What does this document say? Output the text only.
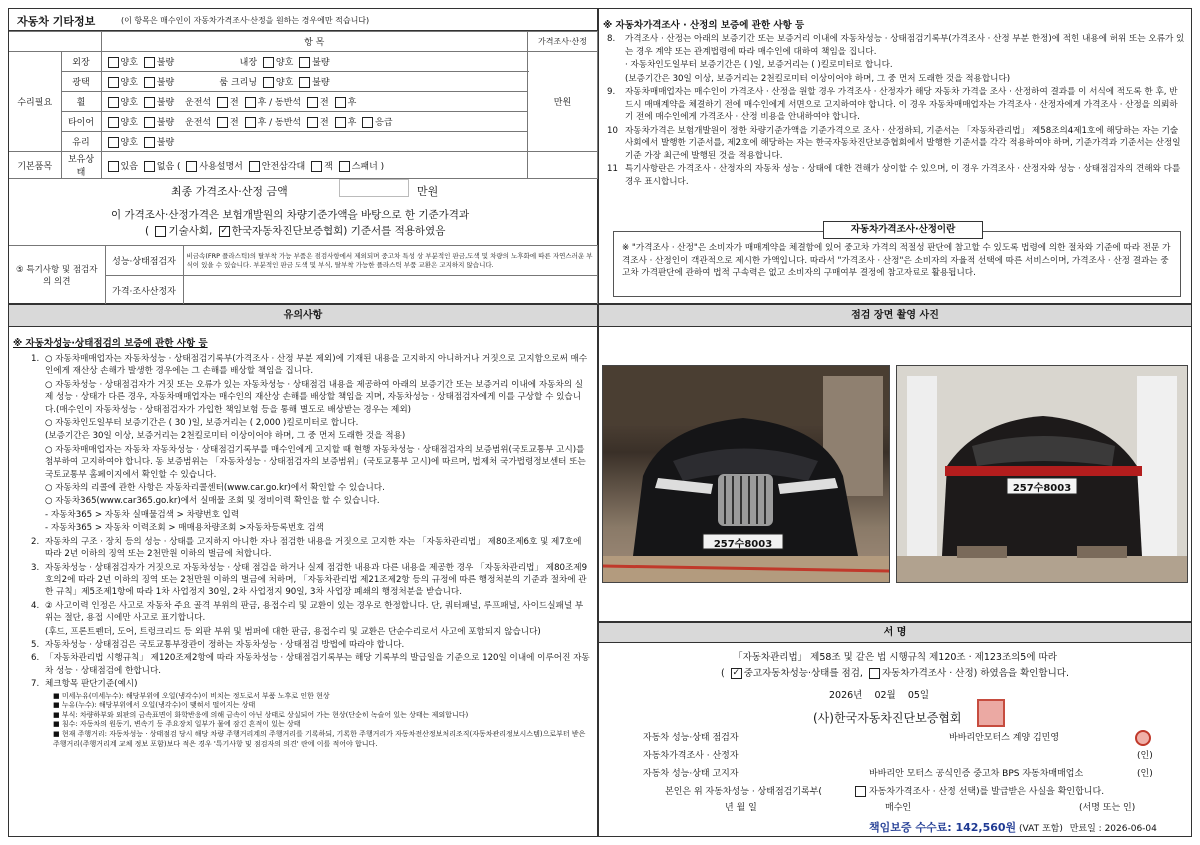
자동차 기타정보	(이 항목은 매수인이 자동차가격조사·산정을 원하는 경우에만 적습니다)
		항 목	가격조사·산정
수리필요	외장	양호 불량 내장 양호 불량	만원
	광택	양호 불량 룸 크리닝 양호 불량	
	휠	양호 불량 운전석 전 후 / 동반석 전 후	
	타이어	양호 불량 운전석 전 후 / 동반석 전 후 응급	
	유리	양호 불량	
기본품목	보유상태	있음 없음 ( 사용설명서 안전삼각대 잭 스패너 )	
최종 가격조사·산정 금액	만원
이 가격조사·산정가격은 보험개발원의 차량기준가액을 바탕으로 한 기준가격과
( 기술사회, ✓ 한국자동차진단보증협회) 기준서를 적용하였음
⑤ 특기사항 및 점검자의 의견	성능·상태점검자	비금속(FRP 플라스틱)의 탈부착 가능 부품은 점검사항에서 제외되며 중고차 특성 상 부분적인 판금,도색 및 차량의 노후화에 따른 자연스러운 부식이 있을 수 있습니다. 부분적인 판금 도색 및 부식, 탈부착 가능한 플라스틱 부품 교환은 고지하지 않습니다.
	가격·조사산정자	
※ 자동차가격조사 · 산정의 보증에 관한 사항 등
8. 가격조사 · 산정는 아래의 보증기간 또는 보증거리 이내에 자동차성능 · 상태점검기록부(가격조사 · 산정 부분 한정)에 적힌 내용에 허위 또는 오류가 있는 경우 계약 또는 관계법령에 따라 매수인에 대하여 책임을 집니다.
· 자동차인도일부터 보증기간은 ( )일, 보증거리는 ( )킬로미터로 합니다.
(보증기간은 30일 이상, 보증거리는 2천킬로미터 이상이어야 하며, 그 중 먼저 도래한 것을 적용합니다)
9. 자동차매매업자는 매수인이 가격조사 · 산정을 원할 경우 가격조사 · 산정자가 해당 자동차 가격을 조사 · 산정하여 결과를 이 서식에 적도록 한 후, 반드시 매매계약을 체결하기 전에 매수인에게 서면으로 고지하여야 합니다. 이 경우 자동차매매업자는 가격조사 · 산정자에게 가격조사 · 산정을 의뢰하기 전에 매수인에게 가격조사 · 산정 비용을 안내하여야 합니다.
10 자동차가격은 보험개발원이 정한 차량기준가액을 기준가격으로 조사 · 산정하되, 기준서는 「자동차관리법」 제58조의4제1호에 해당하는 자는 기술사회에서 발행한 기준서를, 제2호에 해당하는 자는 한국자동차진단보증협회에서 발행한 기준서를 각각 적용하여야 하며, 기준가격과 기준서는 산정일 기준 가장 최근에 발행된 것을 적용합니다.
11 특기사항란은 가격조사 · 산정자의 자동차 성능 · 상태에 대한 견해가 상이할 수 있으며, 이 경우 가격조사 · 산정자와 성능 · 상태점검자의 견해와 다를 경우 표시합니다.
자동차가격조사·산정이란
※ "가격조사 · 산정"은 소비자가 매매계약을 체결함에 있어 중고차 가격의 적절성 판단에 참고할 수 있도록 법령에 의한 절차와 기준에 따라 전문 가격조사 · 산정인이 객관적으로 제시한 가액입니다. 따라서 "가격조사 · 산정"은 소비자의 자율적 선택에 따른 서비스이며, 가격조사 · 산정 결과는 중고차 가격판단에 관하여 법적 구속력은 없고 소비자의 구매여부 결정에 참고자료로 활용됩니다.
유의사항
※ 자동차성능·상태점검의 보증에 관한 사항 등
1. ○ 자동차매매업자는 자동차성능 · 상태점검기록부(가격조사 · 산정 부분 제외)에 기재된 내용을 고지하지 아니하거나 거짓으로 고지함으로써 매수인에게 재산상 손해가 발생한 경우에는 그 손해를 배상할 책임을 집니다.
○ 자동차성능 · 상태점검자가 거짓 또는 오류가 있는 자동차성능 · 상태점검 내용을 제공하여 아래의 보증기간 또는 보증거리 이내에 자동차의 실제 성능 · 상태가 다른 경우, 자동차매매업자는 매수인의 재산상 손해를 배상할 책임을 지며, 자동차성능 · 상태점검자에게 이를 구상할 수 있습니다.(매수인이 자동차성능 · 상태점검자가 가입한 책임보험 등을 통해 별도로 배상받는 경우는 제외)
○ 자동차인도일부터 보증기간은 ( 30 )일, 보증거리는 ( 2,000 )킬로미터로 합니다.
(보증기간은 30일 이상, 보증거리는 2천킬로미터 이상이어야 하며, 그 중 먼저 도래한 것을 적용)
○ 자동차매매업자는 자동차 자동차성능 · 상태점검기록부를 매수인에게 고지할 때 현행 자동차성능 · 상태점검자의 보증범위(국토교통부 고시)를 첨부하여 고지하여야 합니다. 동 보증범위는 「자동차성능 · 상태점검자의 보증범위」(국토교통부 고시)에 따르며, 법제처 국가법령정보센터 또는 국토교통부 홈페이지에서 확인할 수 있습니다.
○ 자동차의 리콜에 관한 사항은 자동차리콜센터(www.car.go.kr)에서 확인할 수 있습니다.
○ 자동차365(www.car365.go.kr)에서 실매물 조회 및 정비이력 확인을 할 수 있습니다.
- 자동차365 > 자동차 실매물검색 > 차량번호 입력
- 자동차365 > 자동차 이력조회 > 매매용차량조회 >자동차등록번호 검색
2. 자동차의 구조 · 장치 등의 성능 · 상태를 고지하지 아니한 자나 점검한 내용을 거짓으로 고지한 자는 「자동차관리법」 제80조제6호 및 제7호에 따라 2년 이하의 징역 또는 2천만원 이하의 벌금에 처합니다.
3. 자동차성능 · 상태점검자가 거짓으로 자동차성능 · 상태 점검을 하거나 실제 점검한 내용과 다른 내용을 제공한 경우 「자동차관리법」 제80조제9호의2에 따라 2년 이하의 징역 또는 2천만원 이하의 벌금에 처하며, 「자동차관리법 제21조제2항 등의 규정에 따른 행정처분의 기준과 절차에 관한 규칙」제5조제1항에 따라 1차 사업정지 30일, 2차 사업정지 90일, 3차 사업장 폐쇄의 행정처분을 받습니다.
4. ② 사고이력 인정은 사고로 자동차 주요 골격 부위의 판금, 용접수리 및 교환이 있는 경우로 한정합니다. 단, 쿼터패널, 루프패널, 사이드실패널 부위는 절단, 용접 시에만 사고로 표기합니다.
(후드, 프론트펜더, 도어, 트렁크리드 등 외판 부위 및 범퍼에 대한 판금, 용접수리 및 교환은 단순수리로서 사고에 포함되지 않습니다)
5. 자동차성능 · 상태점검은 국토교통부장관이 정하는 자동차성능 · 상태점검 방법에 따라야 합니다.
6. 「자동차관리법 시행규칙」 제120조제2항에 따라 자동차성능 · 상태점검기록부는 해당 기록부의 발급일을 기준으로 120일 이내에 이루어진 자동차 성능 · 상태점검에 한합니다.
7. 체크항목 판단기준(예시)
■ 미세누유(미세누수): 해당부위에 오일(냉각수)이 비치는 정도로서 부품 노후로 인한 현상
■ 누유(누수): 해당부위에서 오일(냉각수)이 맺혀서 떨어지는 상태
■ 부식: 차량하부와 외판의 금속표면이 화학반응에 의해 금속이 아닌 상태로 상실되어 가는 현상(단순히 녹슬어 있는 상태는 제외합니다)
■ 침수: 자동차의 원동기, 변속기 등 주요장치 일부가 물에 잠긴 흔적이 있는 상태
■ 현재 주행거리: 자동차성능 · 상태점검 당시 해당 차량 주행거리계의 주행거리를 기록하되, 기록한 주행거리가 자동차전산정보처리조직(자동차관리정보시스템)으로부터 받은 주행거리(주행거리계 교체 정보 포함)보다 적은 경우 '특기사항 및 점검자의 의견' 란에 이를 적어야 합니다.
점검 장면 촬영 사진
257수8003
257수8003
서 명
「자동차관리법」 제58조 및 같은 법 시행규칙 제120조 · 제123조의5에 따라
( ✓ 중고자동차성능·상태를 점검, 자동차가격조사 · 산정) 하였음을 확인합니다.
2026년 02월 05일
(사)한국자동차진단보증협회
자동차 성능·상태 점검자	바바리안모터스 계양 김민영
자동차가격조사 · 산정자	(인)
자동차 성능·상태 고지자	바바리안 모터스 공식인증 중고차 BPS 자동차매매업소	(인)
본인은 위 자동차성능 · 상태점검기록부(	자동차가격조사 · 산정 선택)를 발급받은 사실을 확인합니다.
년 월 일	매수인	(서명 또는 인)
책임보증 수수료: 142,560원 (VAT 포함) 만료일 : 2026-06-04
